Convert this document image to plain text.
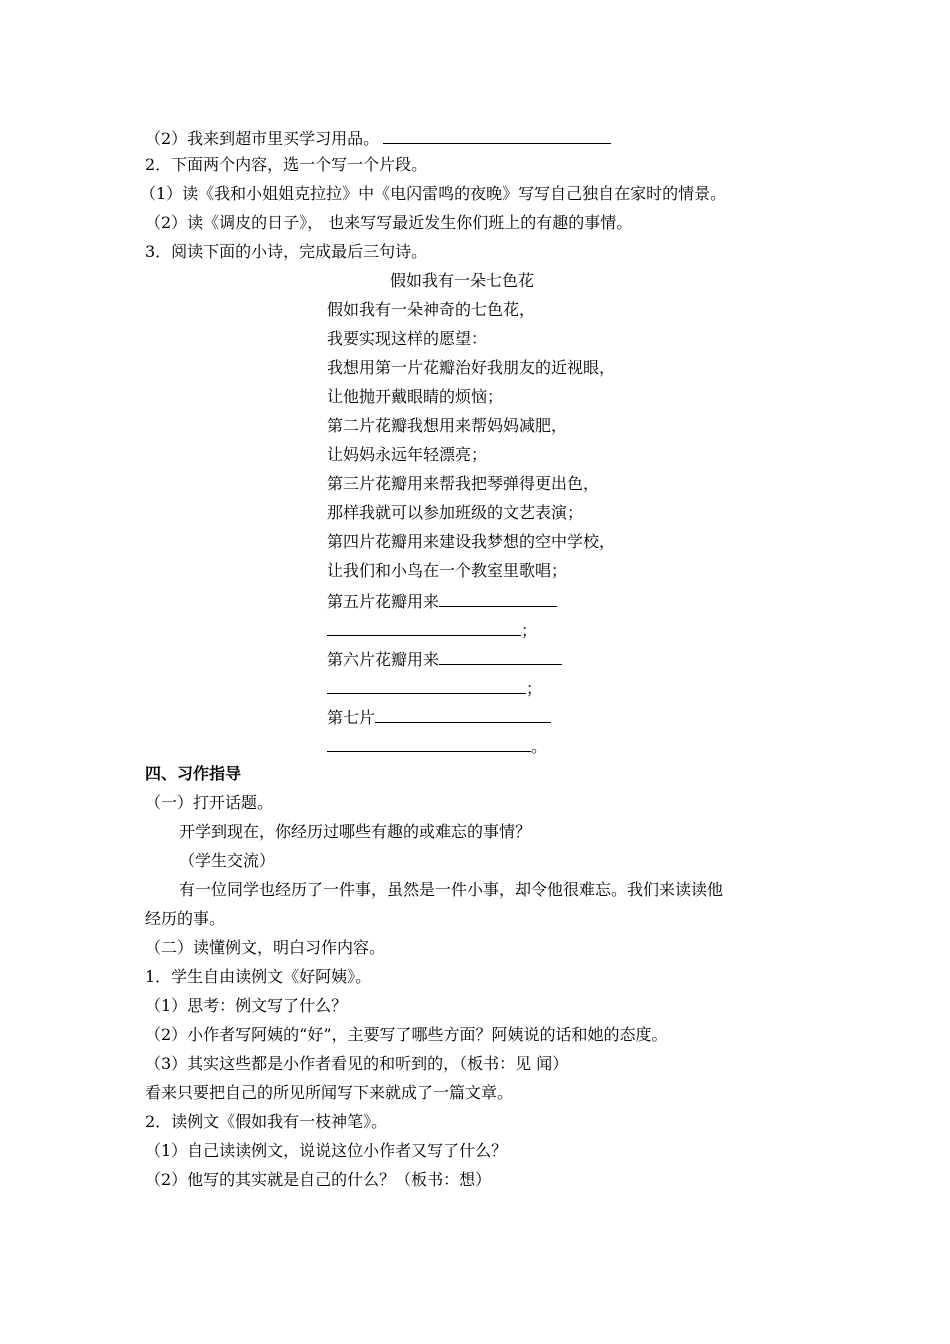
（2）我来到超市里买学习用品。
2．下面两个内容，选一个写一个片段。
（1）读《我和小姐姐克拉拉》中《电闪雷鸣的夜晚》写写自己独自在家时的情景。
（2）读《调皮的日子》， 也来写写最近发生你们班上的有趣的事情。
3．阅读下面的小诗，完成最后三句诗。
假如我有一朵七色花
假如我有一朵神奇的七色花，
我要实现这样的愿望：
我想用第一片花瓣治好我朋友的近视眼，
让他抛开戴眼睛的烦恼；
第二片花瓣我想用来帮妈妈减肥，
让妈妈永远年轻漂亮；
第三片花瓣用来帮我把琴弹得更出色，
那样我就可以参加班级的文艺表演；
第四片花瓣用来建设我梦想的空中学校，
让我们和小鸟在一个教室里歌唱；
第五片花瓣用来
；
第六片花瓣用来
；
第七片
。
四、习作指导
（一）打开话题。
开学到现在，你经历过哪些有趣的或难忘的事情？
（学生交流）
有一位同学也经历了一件事，虽然是一件小事，却令他很难忘。我们来读读他
经历的事。
（二）读懂例文，明白习作内容。
1．学生自由读例文《好阿姨》。
（1）思考：例文写了什么？
（2）小作者写阿姨的“好”，主要写了哪些方面？阿姨说的话和她的态度。
（3）其实这些都是小作者看见的和听到的，（板书：见 闻）
看来只要把自己的所见所闻写下来就成了一篇文章。
2．读例文《假如我有一枝神笔》。
（1）自己读读例文，说说这位小作者又写了什么？
（2）他写的其实就是自己的什么？（板书：想）
